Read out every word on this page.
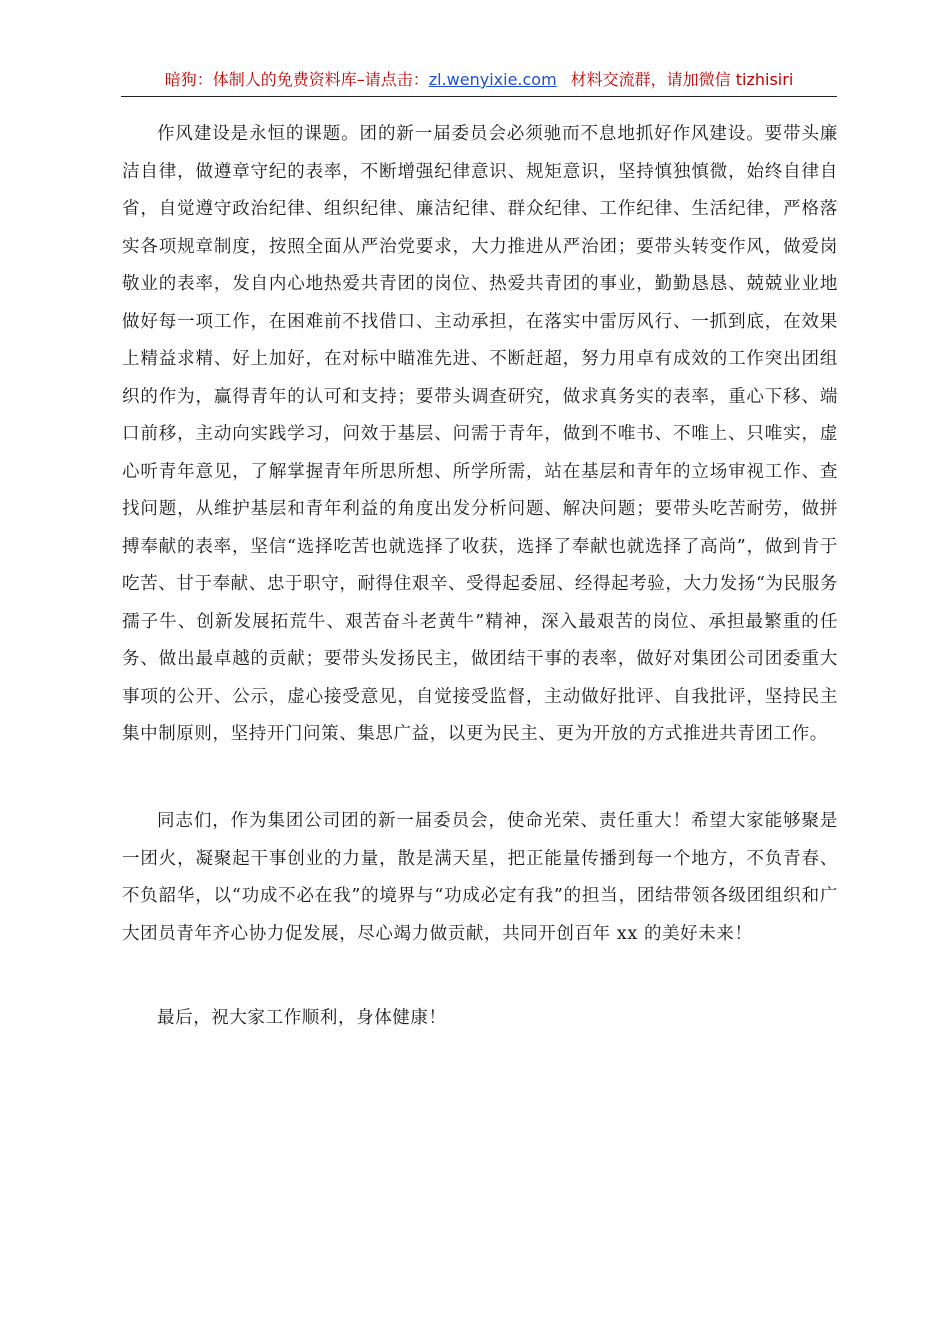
暗狗：体制人的免费资料库–请点击：zl.wenyixie.com 材料交流群，请加微信 tizhisiri

作风建设是永恒的课题。团的新一届委员会必须驰而不息地抓好作风建设。要带头廉洁自律，做遵章守纪的表率，不断增强纪律意识、规矩意识，坚持慎独慎微，始终自律自省，自觉遵守政治纪律、组织纪律、廉洁纪律、群众纪律、工作纪律、生活纪律，严格落实各项规章制度，按照全面从严治党要求，大力推进从严治团；要带头转变作风，做爱岗敬业的表率，发自内心地热爱共青团的岗位、热爱共青团的事业，勤勤恳恳、兢兢业业地做好每一项工作，在困难前不找借口、主动承担，在落实中雷厉风行、一抓到底，在效果上精益求精、好上加好，在对标中瞄准先进、不断赶超，努力用卓有成效的工作突出团组织的作为，赢得青年的认可和支持；要带头调查研究，做求真务实的表率，重心下移、端口前移，主动向实践学习，问效于基层、问需于青年，做到不唯书、不唯上、只唯实，虚心听青年意见，了解掌握青年所思所想、所学所需，站在基层和青年的立场审视工作、查找问题，从维护基层和青年利益的角度出发分析问题、解决问题；要带头吃苦耐劳，做拼搏奉献的表率，坚信“选择吃苦也就选择了收获，选择了奉献也就选择了高尚”，做到肯于吃苦、甘于奉献、忠于职守，耐得住艰辛、受得起委屈、经得起考验，大力发扬“为民服务孺子牛、创新发展拓荒牛、艰苦奋斗老黄牛”精神，深入最艰苦的岗位、承担最繁重的任务、做出最卓越的贡献；要带头发扬民主，做团结干事的表率，做好对集团公司团委重大事项的公开、公示，虚心接受意见，自觉接受监督，主动做好批评、自我批评，坚持民主集中制原则，坚持开门问策、集思广益，以更为民主、更为开放的方式推进共青团工作。

同志们，作为集团公司团的新一届委员会，使命光荣、责任重大！希望大家能够聚是一团火，凝聚起干事创业的力量，散是满天星，把正能量传播到每一个地方，不负青春、不负韶华，以“功成不必在我”的境界与“功成必定有我”的担当，团结带领各级团组织和广大团员青年齐心协力促发展，尽心竭力做贡献，共同开创百年 xx 的美好未来！

最后，祝大家工作顺利，身体健康！
